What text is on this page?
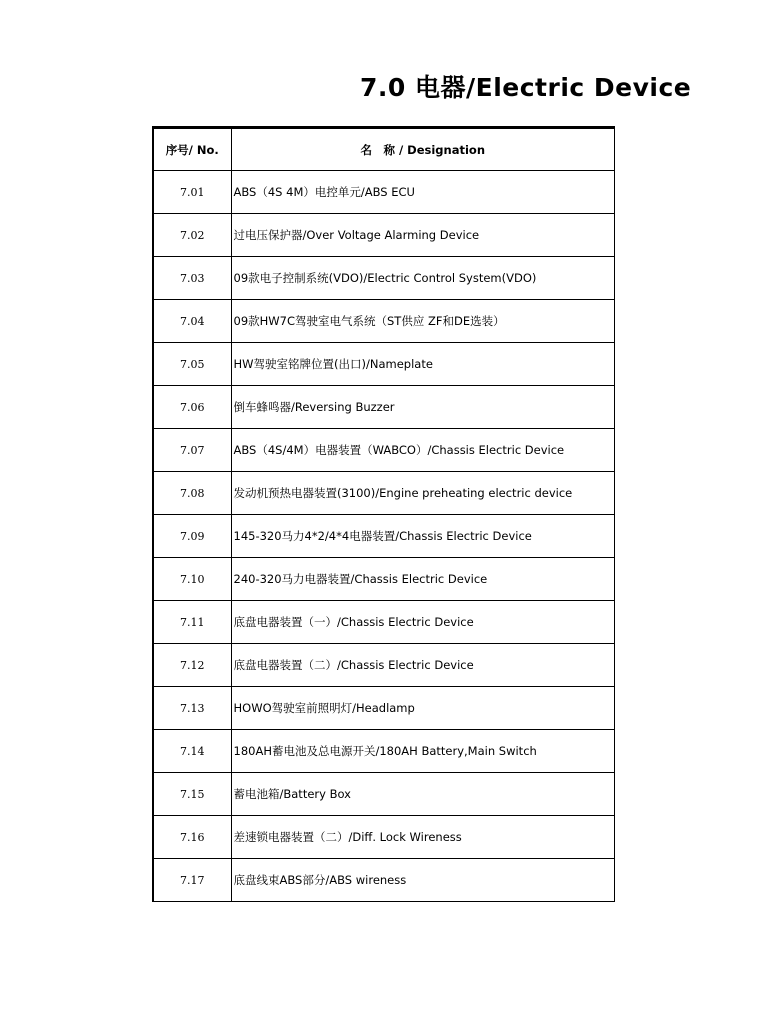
7.0 电器/Electric Device
序号/ No.	名　称 / Designation
7.01	ABS（4S 4M）电控单元/ABS ECU
7.02	过电压保护器/Over Voltage Alarming Device
7.03	09款电子控制系统(VDO)/Electric Control System(VDO)
7.04	09款HW7C驾驶室电气系统（ST供应 ZF和DE选装）
7.05	HW驾驶室铭牌位置(出口)/Nameplate
7.06	倒车蜂鸣器/Reversing Buzzer
7.07	ABS（4S/4M）电器装置（WABCO）/Chassis Electric Device
7.08	发动机预热电器装置(3100)/Engine preheating electric device
7.09	145-320马力4*2/4*4电器装置/Chassis Electric Device
7.10	240-320马力电器装置/Chassis Electric Device
7.11	底盘电器装置（一）/Chassis Electric Device
7.12	底盘电器装置（二）/Chassis Electric Device
7.13	HOWO驾驶室前照明灯/Headlamp
7.14	180AH蓄电池及总电源开关/180AH Battery,Main Switch
7.15	蓄电池箱/Battery Box
7.16	差速锁电器装置（二）/Diff. Lock Wireness
7.17	底盘线束ABS部分/ABS wireness
